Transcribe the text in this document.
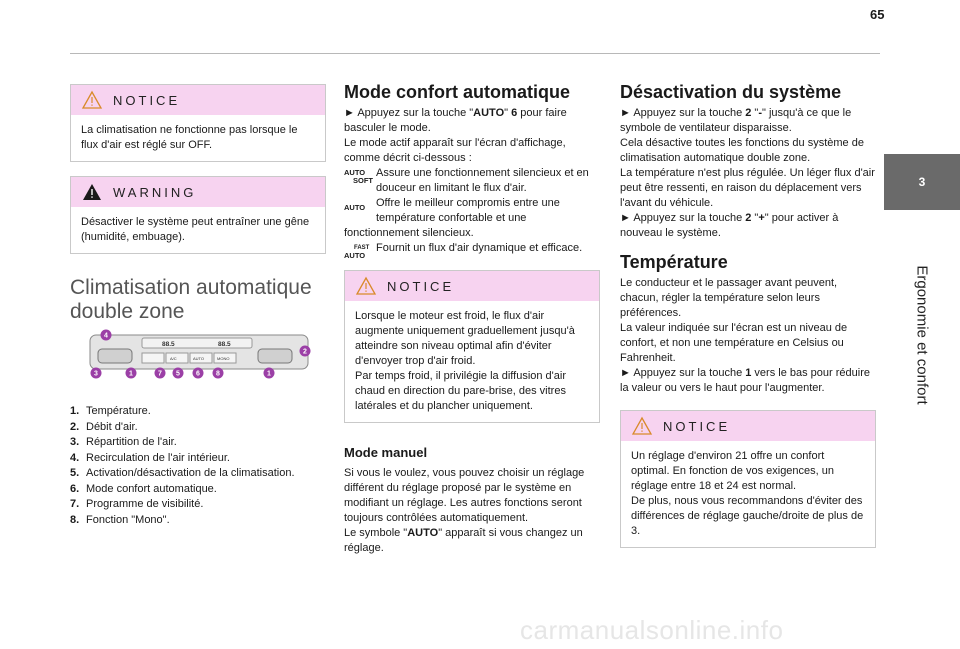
65
3
Ergonomie et confort
NOTICE
La climatisation ne fonctionne pas lorsque le flux d'air est réglé sur OFF.
WARNING
Désactiver le système peut entraîner une gêne (humidité, embuage).
Climatisation automatique
double zone
88.5	88.5
A/C	AUTO	MONO
4
2
3	1	7 5 6 8	1
1. Température.
2. Débit d'air.
3. Répartition de l'air.
4. Recirculation de l'air intérieur.
5. Activation/désactivation de la climatisation.
6. Mode confort automatique.
7. Programme de visibilité.
8. Fonction "Mono".
Mode confort automatique

► Appuyez sur la touche "AUTO" 6 pour faire basculer le mode.

Le mode actif apparaît sur l'écran d'affichage, comme décrit ci-dessous :

AUTO
SOFT
Assure une fonctionnement silencieux et en douceur en limitant le flux d'air.
AUTO Offre le meilleur compromis entre une température confortable et une fonctionnement silencieux.
FAST
AUTO
Fournit un flux d'air dynamique et efficace.
NOTICE

Lorsque le moteur est froid, le flux d'air augmente uniquement graduellement jusqu'à atteindre son niveau optimal afin d'éviter d'envoyer trop d'air froid.

Par temps froid, il privilégie la diffusion d'air chaud en direction du pare-brise, des vitres latérales et du plancher uniquement.

Mode manuel

Si vous le voulez, vous pouvez choisir un réglage différent du réglage proposé par le système en modifiant un réglage. Les autres fonctions seront toujours contrôlées automatiquement.

Le symbole "AUTO" apparaît si vous changez un réglage.

Désactivation du système

► Appuyez sur la touche 2 "-" jusqu'à ce que le symbole de ventilateur disparaisse.

Cela désactive toutes les fonctions du système de climatisation automatique double zone.

La température n'est plus régulée. Un léger flux d'air peut être ressenti, en raison du déplacement vers l'avant du véhicule.

► Appuyez sur la touche 2 "+" pour activer à nouveau le système.

Température

Le conducteur et le passager avant peuvent, chacun, régler la température selon leurs préférences.

La valeur indiquée sur l'écran est un niveau de confort, et non une température en Celsius ou Fahrenheit.

► Appuyez sur la touche 1 vers le bas pour réduire la valeur ou vers le haut pour l'augmenter.

NOTICE

Un réglage d'environ 21 offre un confort optimal. En fonction de vos exigences, un réglage entre 18 et 24 est normal.

De plus, nous vous recommandons d'éviter des différences de réglage gauche/droite de plus de 3.

carmanualsonline.info
